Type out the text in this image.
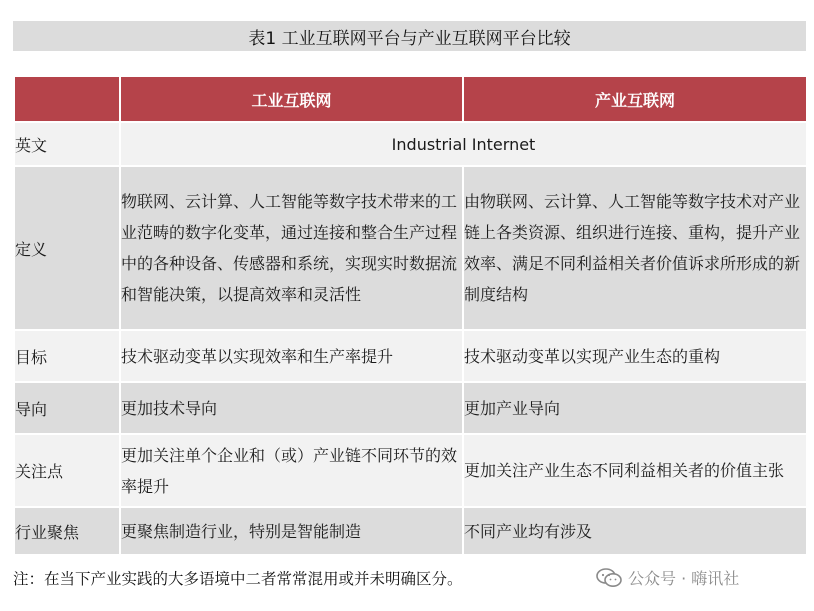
表1 工业互联网平台与产业互联网平台比较
	工业互联网	产业互联网
英文	Industrial Internet	
定义	物联网、云计算、人工智能等数字技术带来的工业范畴的数字化变革，通过连接和整合生产过程中的各种设备、传感器和系统，实现实时数据流和智能决策，以提高效率和灵活性	由物联网、云计算、人工智能等数字技术对产业链上各类资源、组织进行连接、重构，提升产业效率、满足不同利益相关者价值诉求所形成的新制度结构
目标	技术驱动变革以实现效率和生产率提升	技术驱动变革以实现产业生态的重构
导向	更加技术导向	更加产业导向
关注点	更加关注单个企业和（或）产业链不同环节的效率提升	更加关注产业生态不同利益相关者的价值主张
行业聚焦	更聚焦制造行业，特别是智能制造	不同产业均有涉及
注：在当下产业实践的大多语境中二者常常混用或并未明确区分。	公众号 · 嗨讯社
